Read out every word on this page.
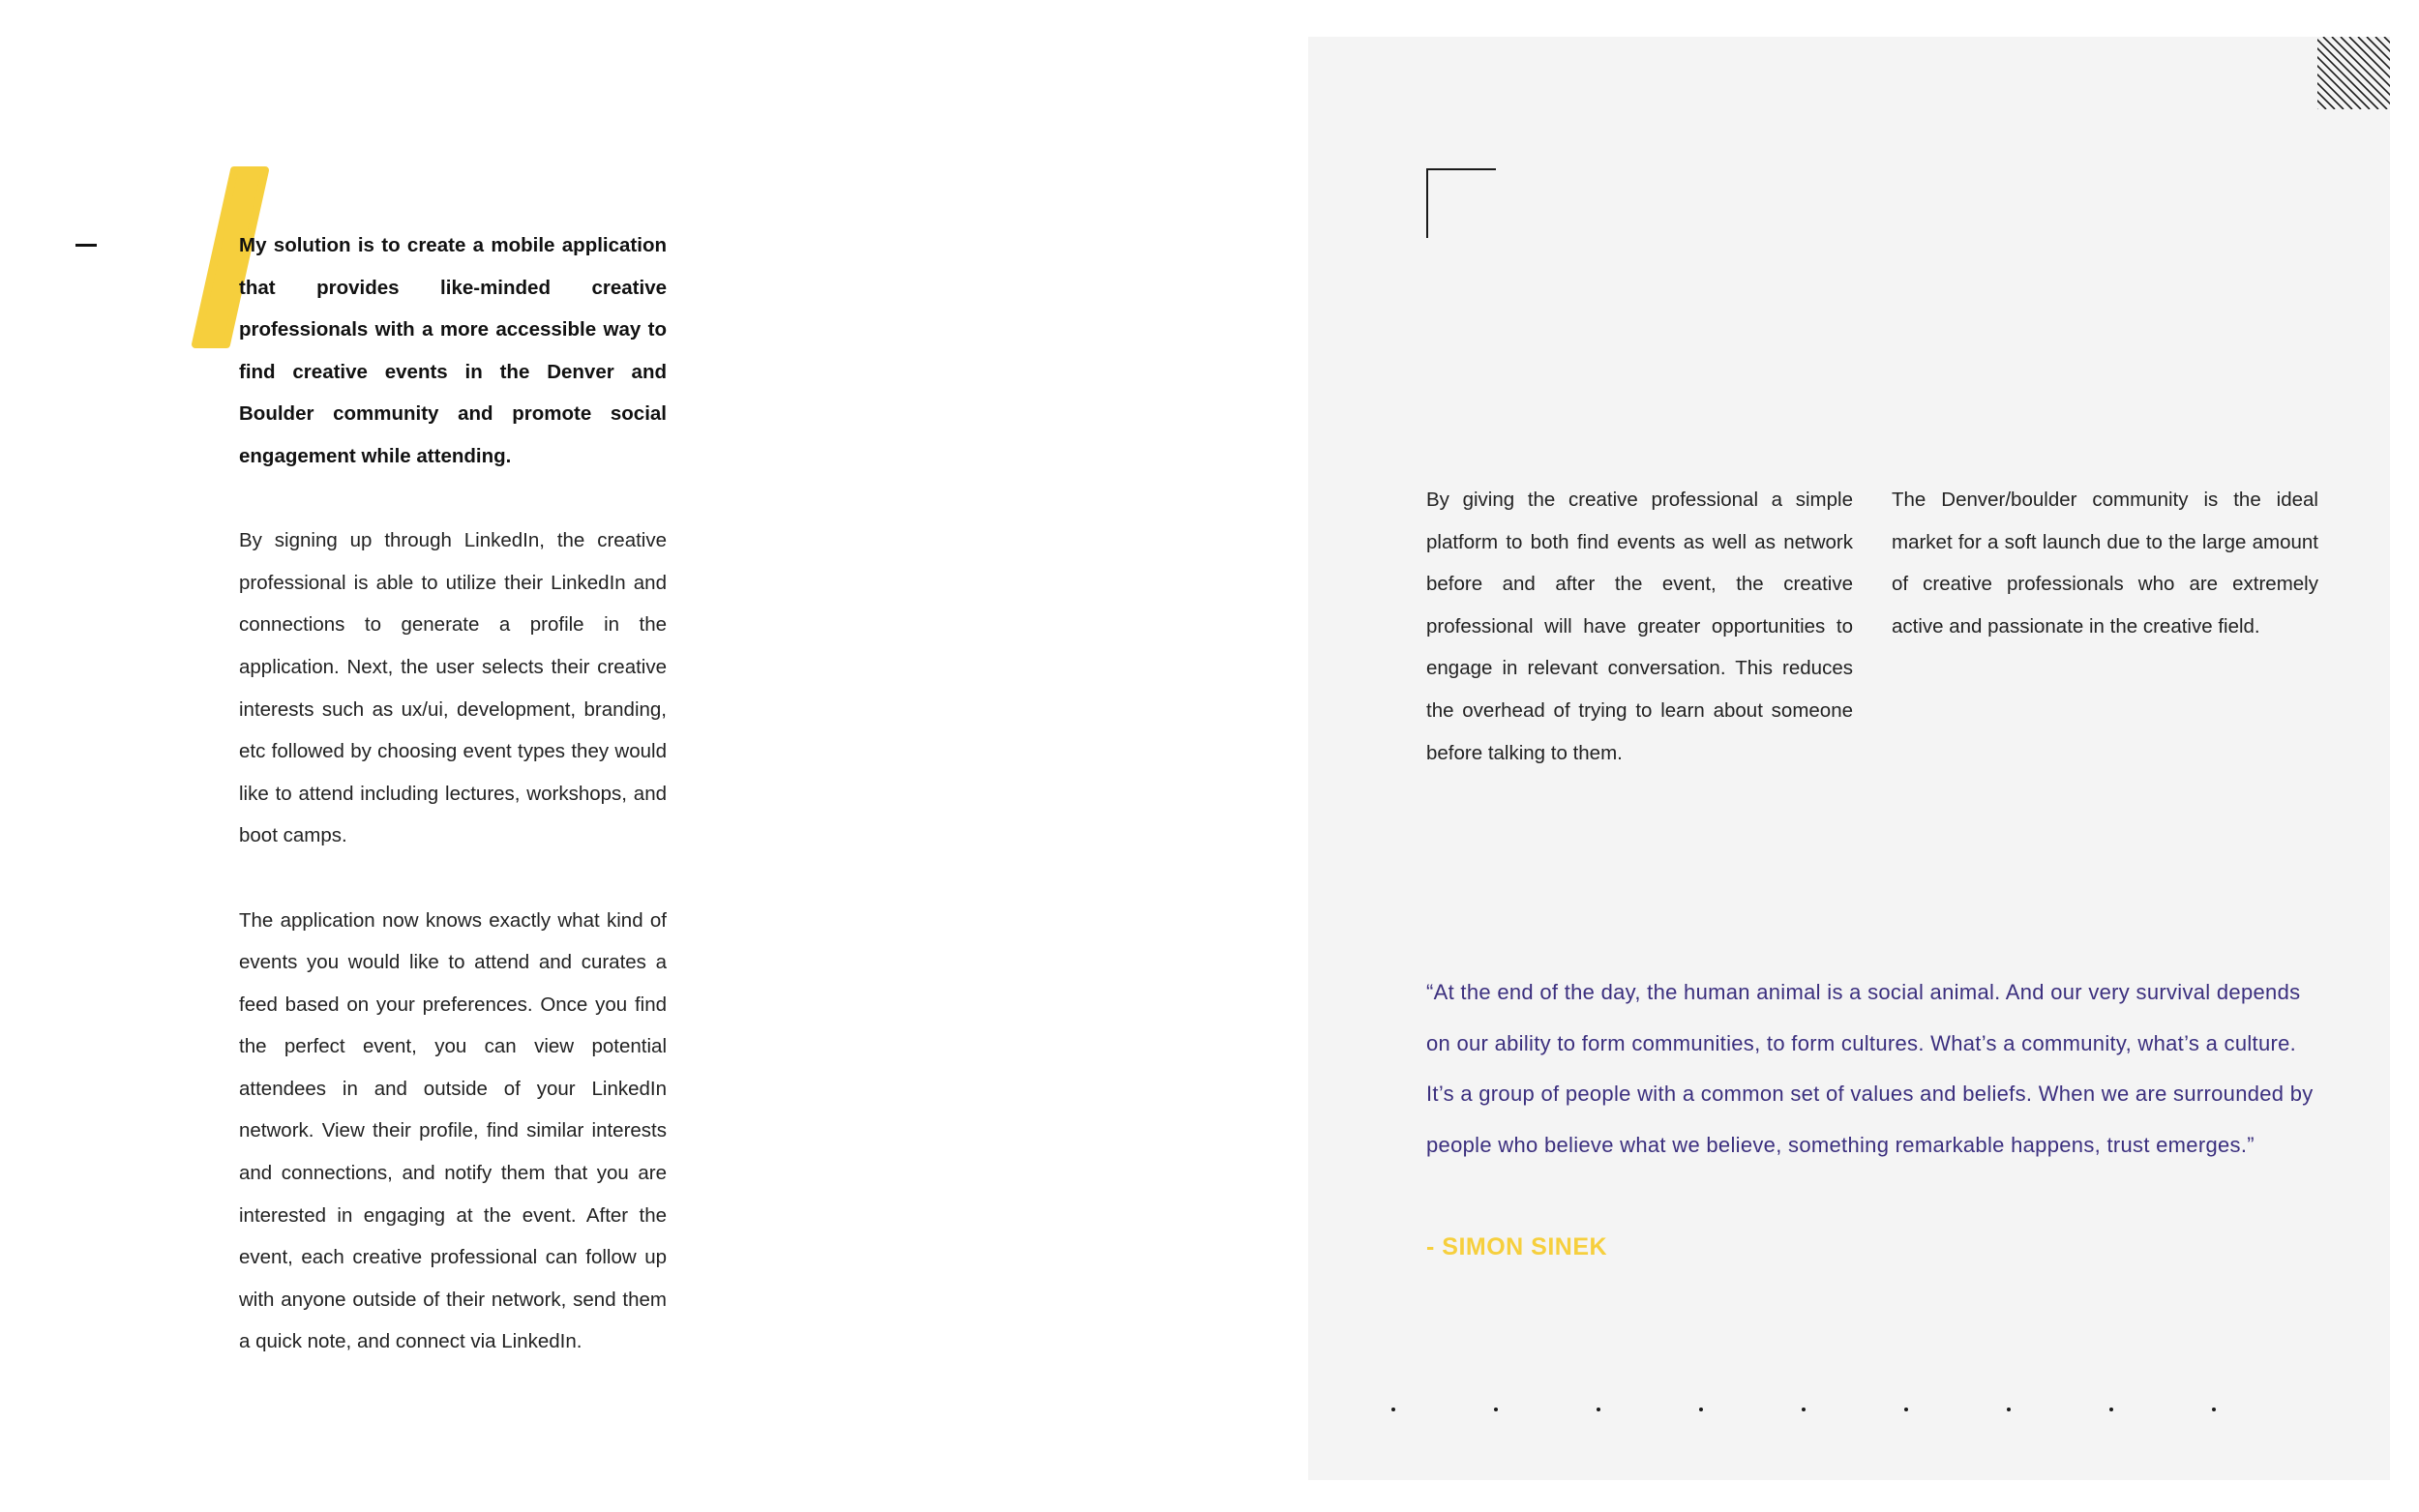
My solution is to create a mobile application that provides like-minded creative professionals with a more accessible way to find creative events in the Denver and Boulder community and promote social engagement while attending.

By signing up through LinkedIn, the creative professional is able to utilize their LinkedIn and connections to generate a profile in the application. Next, the user selects their creative interests such as ux/ui, development, branding, etc followed by choosing event types they would like to attend including lectures, workshops, and boot camps.

The application now knows exactly what kind of events you would like to attend and curates a feed based on your preferences. Once you find the perfect event, you can view potential attendees in and outside of your LinkedIn network. View their profile, find similar interests and connections, and notify them that you are interested in engaging at the event. After the event, each creative professional can follow up with anyone outside of their network, send them a quick note, and connect via LinkedIn.

By giving the creative professional a simple platform to both find events as well as network before and after the event, the creative professional will have greater opportunities to engage in relevant conversation. This reduces the overhead of trying to learn about someone before talking to them.

The Denver/boulder community is the ideal market for a soft launch due to the large amount of creative professionals who are extremely active and passionate in the creative field.

“At the end of the day, the human animal is a social animal. And our very survival depends on our ability to form communities, to form cultures. What’s a community, what’s a culture. It’s a group of people with a common set of values and beliefs. When we are surrounded by people who believe what we believe, something remarkable happens, trust emerges.”

- SIMON SINEK
